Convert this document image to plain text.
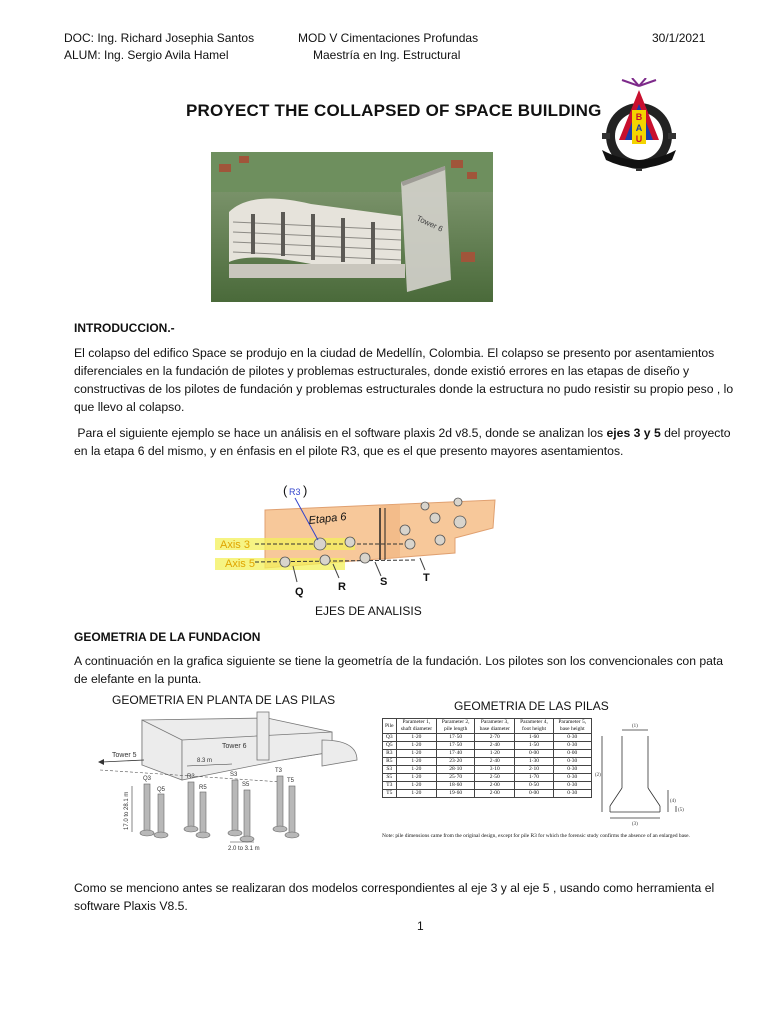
DOC: Ing. Richard Josephia Santos
ALUM: Ing. Sergio Avila Hamel
MOD V Cimentaciones Profundas
Maestría en Ing. Estructural
30/1/2021
PROYECT THE COLLAPSED OF SPACE BUILDING	B
A
U
Tower 6
INTRODUCCION.-
El colapso del edifico Space se produjo en la ciudad de Medellín, Colombia. El colapso se presento por asentamientos
diferenciales en la fundación de pilotes y problemas estructurales, donde existió errores en las etapas de diseño y
constructivas de los pilotes de fundación y problemas estructurales donde la estructura no pudo resistir su propio peso , lo
que llevo al colapso.
Para el siguiente ejemplo se hace un análisis en el software plaxis 2d v8.5, donde se analizan los ejes 3 y 5 del proyecto
en la etapa 6 del mismo, y en énfasis en el pilote R3, que es el que presento mayores asentamientos.
( R3 )
Etapa 6
Axis 3
Axis 5
Q	R	S	T
EJES DE ANALISIS
GEOMETRIA DE LA FUNDACION
A continuación en la grafica siguiente se tiene la geometría de la fundación. Los pilotes son los convencionales con pata
de elefante en la punta.
GEOMETRIA EN PLANTA DE LAS PILAS	GEOMETRIA DE LAS PILAS
Tower 5
Tower 6
8.3 m
Q3
Q5
R3
R5
S3
S5
T3
T5
17.0 to 28.1 m
2.0 to 3.1 m
Pile	Parameter 1, shaft diameter	Parameter 2, pile length	Parameter 3, base diameter	Parameter 4, foot height	Parameter 5, base height
Q3	1·20	17·50	2·70	1·60	0·30
Q5	1·20	17·50	2·40	1·50	0·30
R3	1·20	17·40	1·20	0·00	0·00
R5	1·20	23·20	2·40	1·30	0·30
S3	1·20	28·10	3·10	2·10	0·30
S5	1·20	25·70	2·50	1·70	0·30
T3	1·20	18·60	2·00	0·50	0·30
T5	1·20	19·60	2·00	0·00	0·30
Note: pile dimensions came from the original design, except for pile R3 for which the forensic study confirms the absence of an enlarged base.
(1)
(2)
(3)
(4)
(5)
Como se menciono antes se realizaran dos modelos correspondientes al eje 3 y al eje 5 , usando como herramienta el
software Plaxis V8.5.
1
